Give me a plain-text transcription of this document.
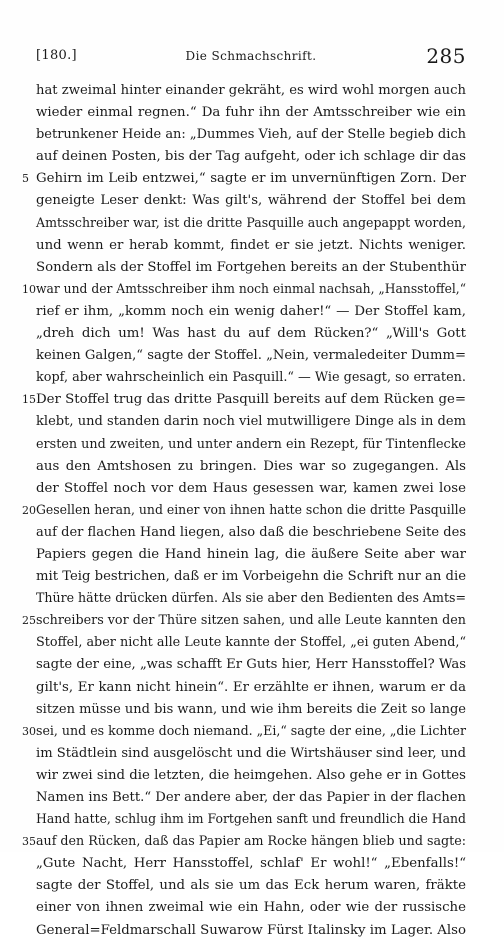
[180.]	Die Schmachschrift.	285
hat zweimal hinter einander gekräht, es wird wohl morgen auch
wieder einmal regnen.“ Da fuhr ihn der Amtsschreiber wie ein
betrunkener Heide an: „Dummes Vieh, auf der Stelle begieb dich
auf deinen Posten, bis der Tag aufgeht, oder ich schlage dir das
5 Gehirn im Leib entzwei,“ sagte er im unvernünftigen Zorn. Der
geneigte Leser denkt: Was gilt's, während der Stoffel bei dem
Amtsschreiber war, ist die dritte Pasquille auch angepappt worden,
und wenn er herab kommt, findet er sie jetzt. Nichts weniger.
Sondern als der Stoffel im Fortgehen bereits an der Stubenthür
10 war und der Amtsschreiber ihm noch einmal nachsah, „Hansstoffel,“
rief er ihm, „komm noch ein wenig daher!“ — Der Stoffel kam,
„dreh dich um! Was hast du auf dem Rücken?“ „Will's Gott
keinen Galgen,“ sagte der Stoffel. „Nein, vermaledeiter Dumm=
kopf, aber wahrscheinlich ein Pasquill.“ — Wie gesagt, so erraten.
15 Der Stoffel trug das dritte Pasquill bereits auf dem Rücken ge=
klebt, und standen darin noch viel mutwilligere Dinge als in dem
ersten und zweiten, und unter andern ein Rezept, für Tintenflecke
aus den Amtshosen zu bringen. Dies war so zugegangen. Als
der Stoffel noch vor dem Haus gesessen war, kamen zwei lose
20 Gesellen heran, und einer von ihnen hatte schon die dritte Pasquille
auf der flachen Hand liegen, also daß die beschriebene Seite des
Papiers gegen die Hand hinein lag, die äußere Seite aber war
mit Teig bestrichen, daß er im Vorbeigehn die Schrift nur an die
Thüre hätte drücken dürfen. Als sie aber den Bedienten des Amts=
25 schreibers vor der Thüre sitzen sahen, und alle Leute kannten den
Stoffel, aber nicht alle Leute kannte der Stoffel, „ei guten Abend,“
sagte der eine, „was schafft Er Guts hier, Herr Hansstoffel? Was
gilt's, Er kann nicht hinein“. Er erzählte er ihnen, warum er da
sitzen müsse und bis wann, und wie ihm bereits die Zeit so lange
30 sei, und es komme doch niemand. „Ei,“ sagte der eine, „die Lichter
im Städtlein sind ausgelöscht und die Wirtshäuser sind leer, und
wir zwei sind die letzten, die heimgehen. Also gehe er in Gottes
Namen ins Bett.“ Der andere aber, der das Papier in der flachen
Hand hatte, schlug ihm im Fortgehen sanft und freundlich die Hand
35 auf den Rücken, daß das Papier am Rocke hängen blieb und sagte:
„Gute Nacht, Herr Hansstoffel, schlaf' Er wohl!“ „Ebenfalls!“
sagte der Stoffel, und als sie um das Eck herum waren, fräkte
einer von ihnen zweimal wie ein Hahn, oder wie der russische
General=Feldmarschall Suwarow Fürst Italinsky im Lager. Also
